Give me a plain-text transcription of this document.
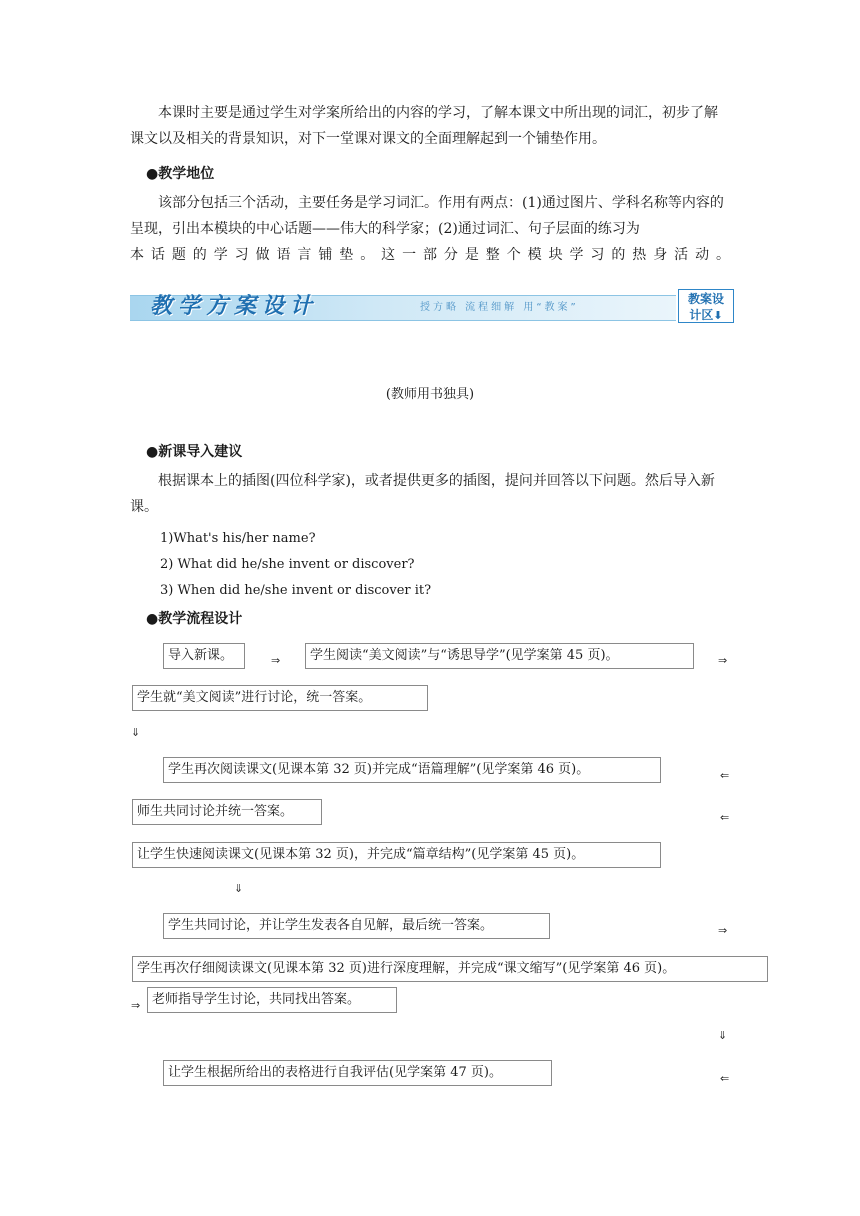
本课时主要是通过学生对学案所给出的内容的学习，了解本课文中所出现的词汇，初步了解课文以及相关的背景知识，对下一堂课对课文的全面理解起到一个铺垫作用。

●教学地位

该部分包括三个活动，主要任务是学习词汇。作用有两点：(1)通过图片、学科名称等内容的呈现，引出本模块的中心话题——伟大的科学家；(2)通过词汇、句子层面的练习为

本话题的学习做语言铺垫。这一部分是整个模块学习的热身活动。

教学方案设计	授方略 流程细解 用“教案”
教案设
计区⬇
(教师用书独具)
●新课导入建议

根据课本上的插图(四位科学家)，或者提供更多的插图，提问并回答以下问题。然后导入新课。

1)What's his/her name?
2) What did he/she invent or discover?
3) When did he/she invent or discover it?
●教学流程设计
导入新课。	⇒	学生阅读“美文阅读”与“诱思导学”(见学案第 45 页)。	⇒
学生就“美文阅读”进行讨论，统一答案。
⇓
学生再次阅读课文(见课本第 32 页)并完成“语篇理解”(见学案第 46 页)。	⇐
师生共同讨论并统一答案。	⇐
让学生快速阅读课文(见课本第 32 页)，并完成“篇章结构”(见学案第 45 页)。
⇓
学生共同讨论，并让学生发表各自见解，最后统一答案。	⇒
学生再次仔细阅读课文(见课本第 32 页)进行深度理解，并完成“课文缩写”(见学案第 46 页)。
⇒ 老师指导学生讨论，共同找出答案。
⇓
让学生根据所给出的表格进行自我评估(见学案第 47 页)。	⇐
